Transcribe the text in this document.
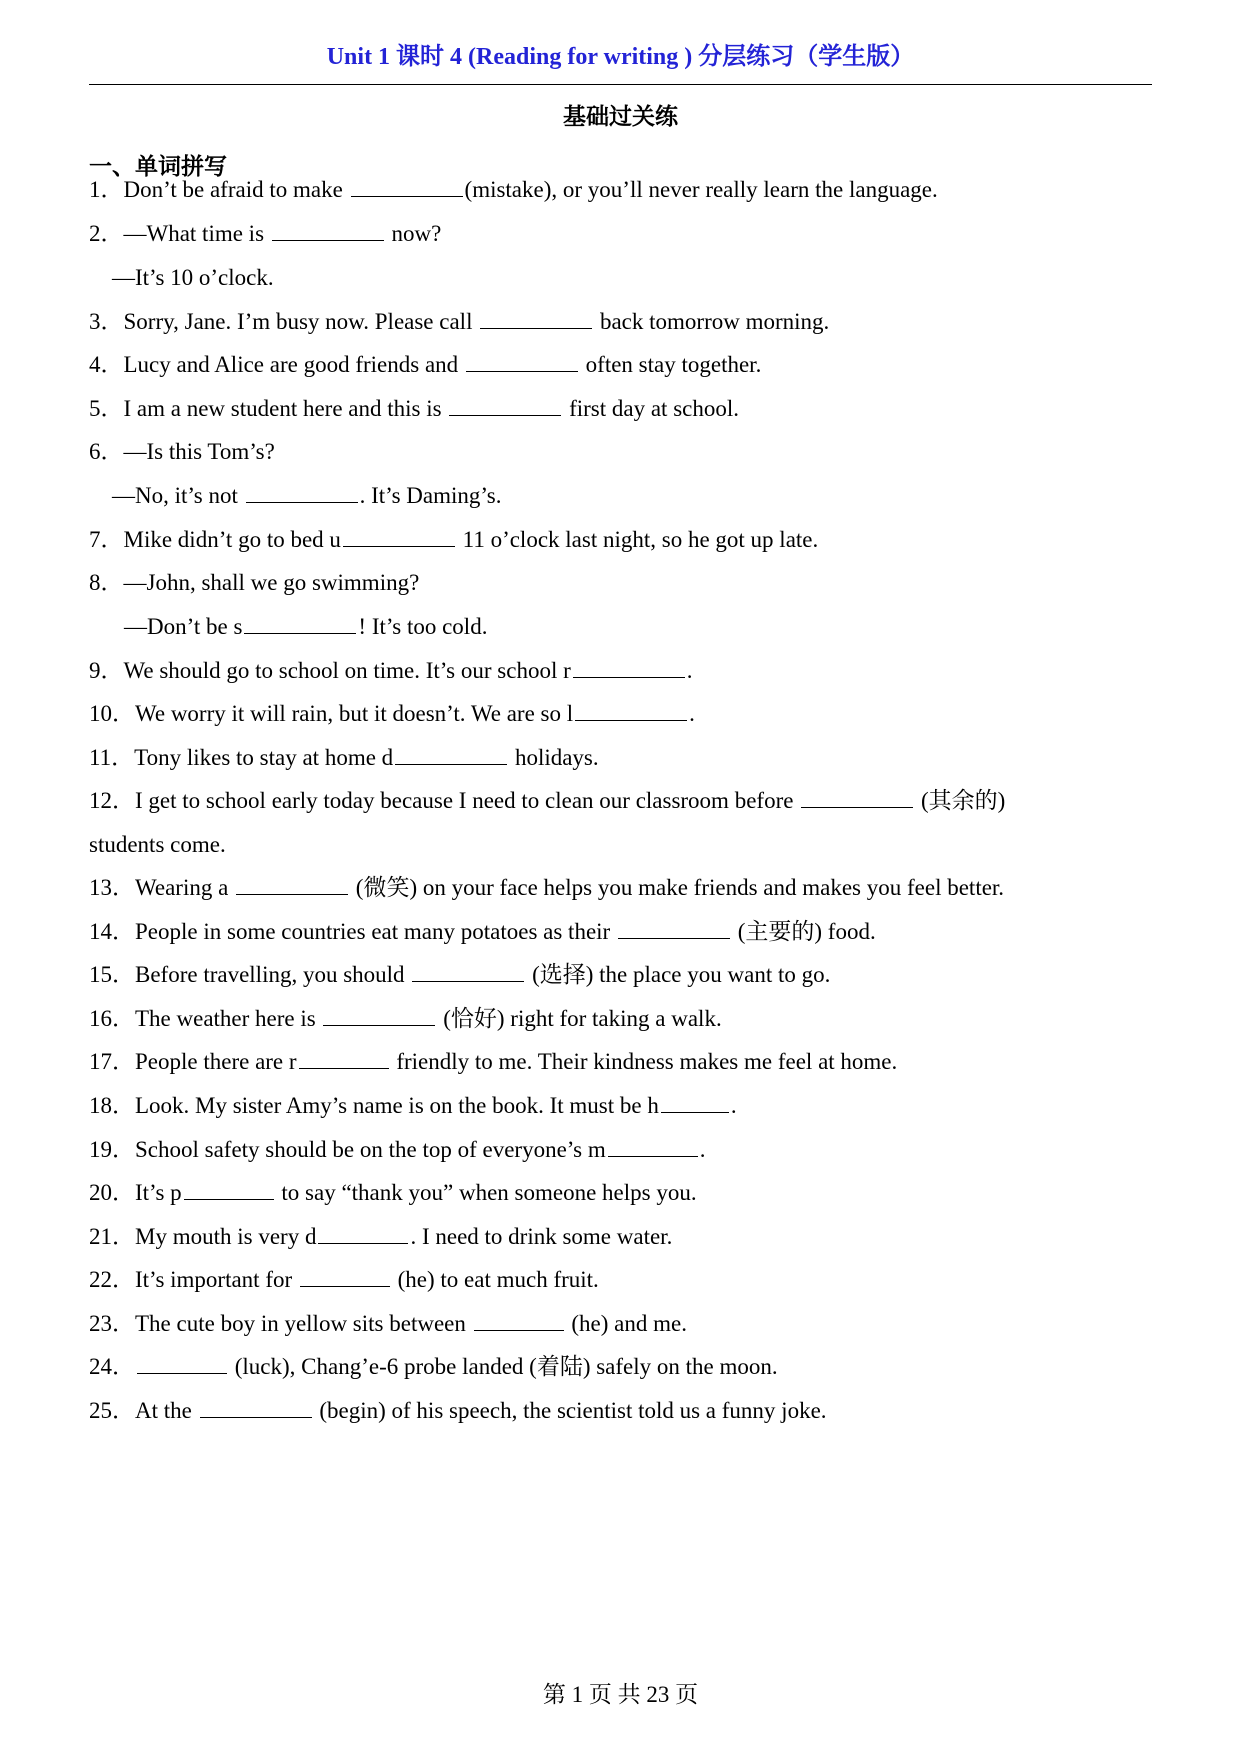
Unit 1 课时 4 (Reading for writing ) 分层练习（学生版）
基础过关练
一、单词拼写
1．Don’t be afraid to make	(mistake), or you’ll never really learn the language.
2．—What time is	now?
—It’s 10 o’clock.
3．Sorry, Jane. I’m busy now. Please call	back tomorrow morning.
4．Lucy and Alice are good friends and	often stay together.
5．I am a new student here and this is	first day at school.
6．—Is this Tom’s?
—No, it’s not	. It’s Daming’s.
7．Mike didn’t go to bed u	11 o’clock last night, so he got up late.
8．—John, shall we go swimming?
—Don’t be s	! It’s too cold.
9．We should go to school on time. It’s our school r	.
10．We worry it will rain, but it doesn’t. We are so l	.
11．Tony likes to stay at home d	holidays.
12．I get to school early today because I need to clean our classroom before	(其余的)
students come.
13．Wearing a	(微笑) on your face helps you make friends and makes you feel better.
14．People in some countries eat many potatoes as their	(主要的) food.
15．Before travelling, you should	(选择) the place you want to go.
16．The weather here is	(恰好) right for taking a walk.
17．People there are r	friendly to me. Their kindness makes me feel at home.
18．Look. My sister Amy’s name is on the book. It must be h	.
19．School safety should be on the top of everyone’s m	.
20．It’s p	to say “thank you” when someone helps you.
21．My mouth is very d	. I need to drink some water.
22．It’s important for	(he) to eat much fruit.
23．The cute boy in yellow sits between	(he) and me.
24．	(luck), Chang’e-6 probe landed (着陆) safely on the moon.
25．At the	(begin) of his speech, the scientist told us a funny joke.
第 1 页 共 23 页
